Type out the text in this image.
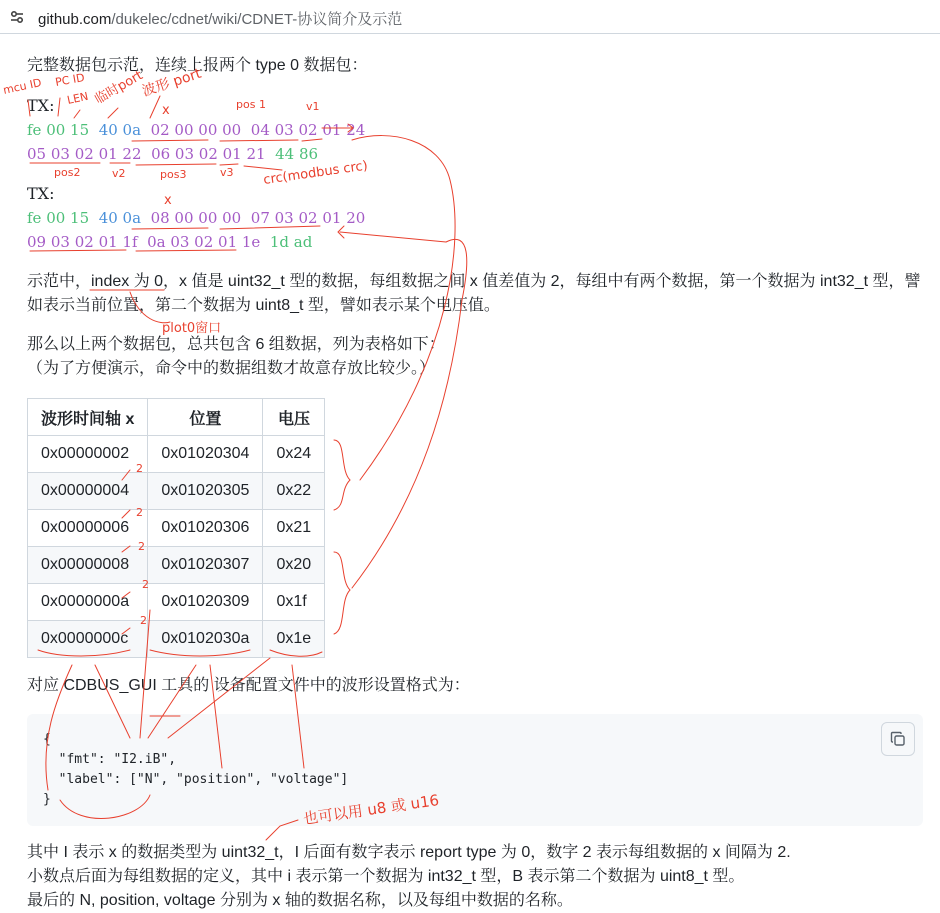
github.com/dukelec/cdnet/wiki/CDNET-协议简介及示范
完整数据包示范，连续上报两个 type 0 数据包：
TX:
fe 00 15 40 0a 02 00 00 00 04 03 02 01 24
05 03 02 01 22 06 03 02 01 21 44 86
TX:
fe 00 15 40 0a 08 00 00 00 07 03 02 01 20
09 03 02 01 1f 0a 03 02 01 1e 1d ad
示范中，index 为 0，x 值是 uint32_t 型的数据，每组数据之间 x 值差值为 2，每组中有两个数据，第一个数据为 int32_t 型，譬
如表示当前位置，第二个数据为 uint8_t 型，譬如表示某个电压值。
那么以上两个数据包，总共包含 6 组数据，列为表格如下：
（为了方便演示，命令中的数据组数才故意存放比较少。）
波形时间轴 x	位置	电压
0x00000002	0x01020304	0x24
0x00000004	0x01020305	0x22
0x00000006	0x01020306	0x21
0x00000008	0x01020307	0x20
0x0000000a	0x01020309	0x1f
0x0000000c	0x0102030a	0x1e
对应 CDBUS_GUI 工具的 设备配置文件中的波形设置格式为：
{
"fmt": "I2.iB",
"label": ["N", "position", "voltage"]
}
其中 I 表示 x 的数据类型为 uint32_t，I 后面有数字表示 report type 为 0，数字 2 表示每组数据的 x 间隔为 2.
小数点后面为每组数据的定义，其中 i 表示第一个数据为 int32_t 型，B 表示第二个数据为 uint8_t 型。
最后的 N, position, voltage 分别为 x 轴的数据名称，以及每组中数据的名称。
mcu ID PC ID
LEN 临时port
波形 port
x	pos 1	v1
pos2	v2	pos3	v3 crc(modbus crc)
x
plot0窗口
2
2
2
2
2
也可以用 u8 或 u16
